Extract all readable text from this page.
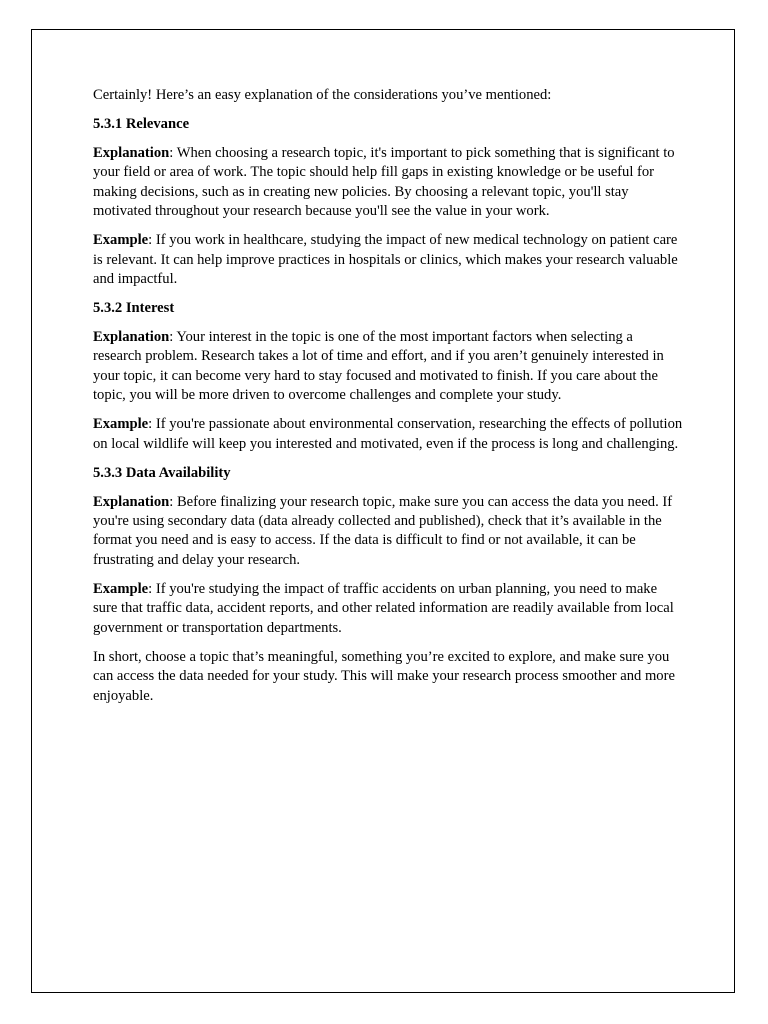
Certainly! Here’s an easy explanation of the considerations you’ve mentioned:

5.3.1 Relevance

Explanation: When choosing a research topic, it's important to pick something that is significant to your field or area of work. The topic should help fill gaps in existing knowledge or be useful for making decisions, such as in creating new policies. By choosing a relevant topic, you'll stay motivated throughout your research because you'll see the value in your work.

Example: If you work in healthcare, studying the impact of new medical technology on patient care is relevant. It can help improve practices in hospitals or clinics, which makes your research valuable and impactful.

5.3.2 Interest

Explanation: Your interest in the topic is one of the most important factors when selecting a research problem. Research takes a lot of time and effort, and if you aren’t genuinely interested in your topic, it can become very hard to stay focused and motivated to finish. If you care about the topic, you will be more driven to overcome challenges and complete your study.

Example: If you're passionate about environmental conservation, researching the effects of pollution on local wildlife will keep you interested and motivated, even if the process is long and challenging.

5.3.3 Data Availability

Explanation: Before finalizing your research topic, make sure you can access the data you need. If you're using secondary data (data already collected and published), check that it’s available in the format you need and is easy to access. If the data is difficult to find or not available, it can be frustrating and delay your research.

Example: If you're studying the impact of traffic accidents on urban planning, you need to make sure that traffic data, accident reports, and other related information are readily available from local government or transportation departments.

In short, choose a topic that’s meaningful, something you’re excited to explore, and make sure you can access the data needed for your study. This will make your research process smoother and more enjoyable.
